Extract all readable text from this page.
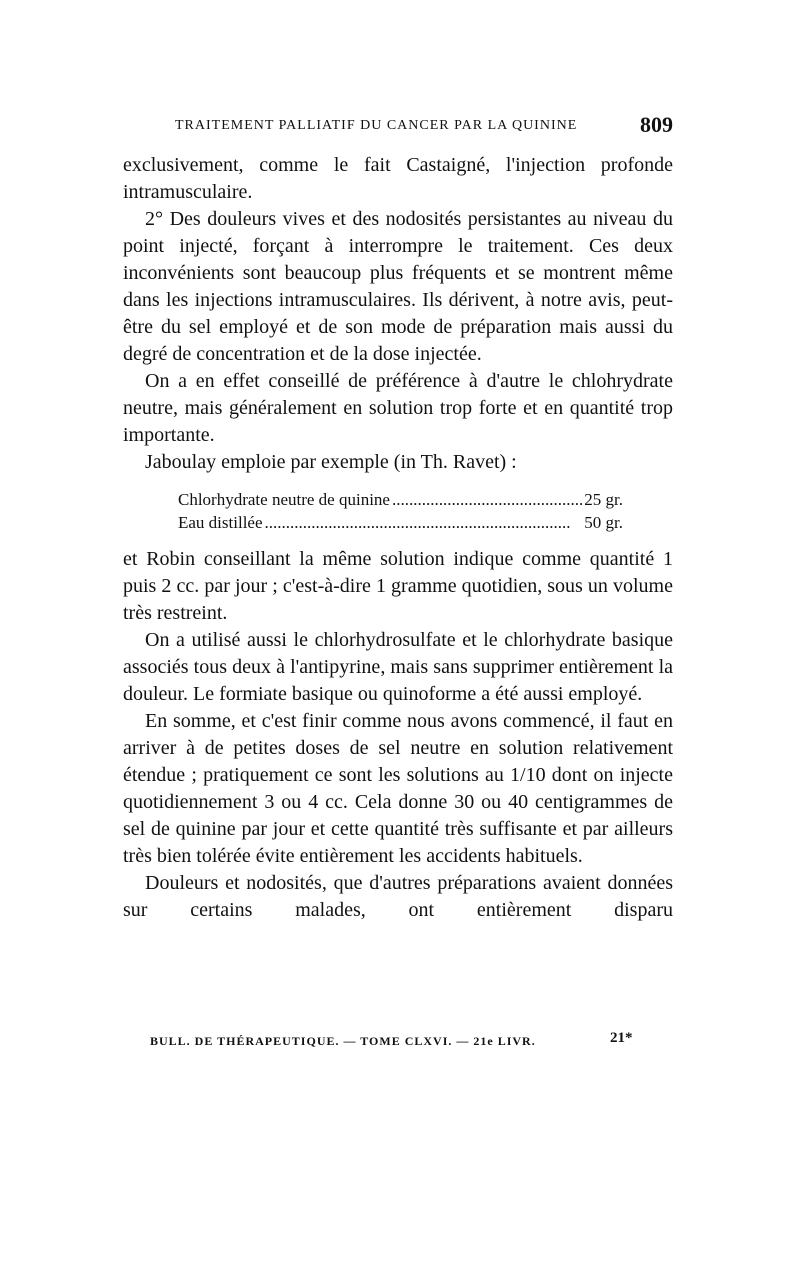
TRAITEMENT PALLIATIF DU CANCER PAR LA QUININE	809

exclusivement, comme le fait Castaigné, l'injection profonde intramusculaire.

2° Des douleurs vives et des nodosités persistantes au niveau du point injecté, forçant à interrompre le traitement. Ces deux inconvénients sont beaucoup plus fréquents et se montrent même dans les injections intramusculaires. Ils dérivent, à notre avis, peut-être du sel employé et de son mode de préparation mais aussi du degré de concentration et de la dose injectée.

On a en effet conseillé de préférence à d'autre le chlohrydrate neutre, mais généralement en solution trop forte et en quantité trop importante.

Jaboulay emploie par exemple (in Th. Ravet) :

Chlorhydrate neutre de quinine .....	25 gr.
Eau distillée .....	50 gr.

et Robin conseillant la même solution indique comme quantité 1 puis 2 cc. par jour ; c'est-à-dire 1 gramme quotidien, sous un volume très restreint.

On a utilisé aussi le chlorhydrosulfate et le chlorhydrate basique associés tous deux à l'antipyrine, mais sans supprimer entièrement la douleur. Le formiate basique ou quinoforme a été aussi employé.

En somme, et c'est finir comme nous avons commencé, il faut en arriver à de petites doses de sel neutre en solution relativement étendue ; pratiquement ce sont les solutions au 1/10 dont on injecte quotidiennement 3 ou 4 cc. Cela donne 30 ou 40 centigrammes de sel de quinine par jour et cette quantité très suffisante et par ailleurs très bien tolérée évite entièrement les accidents habituels.

Douleurs et nodosités, que d'autres préparations avaient données sur certains malades, ont entièrement disparu

BULL. DE THÉRAPEUTIQUE. — TOME CLXVI. — 21e LIVR.	21*
